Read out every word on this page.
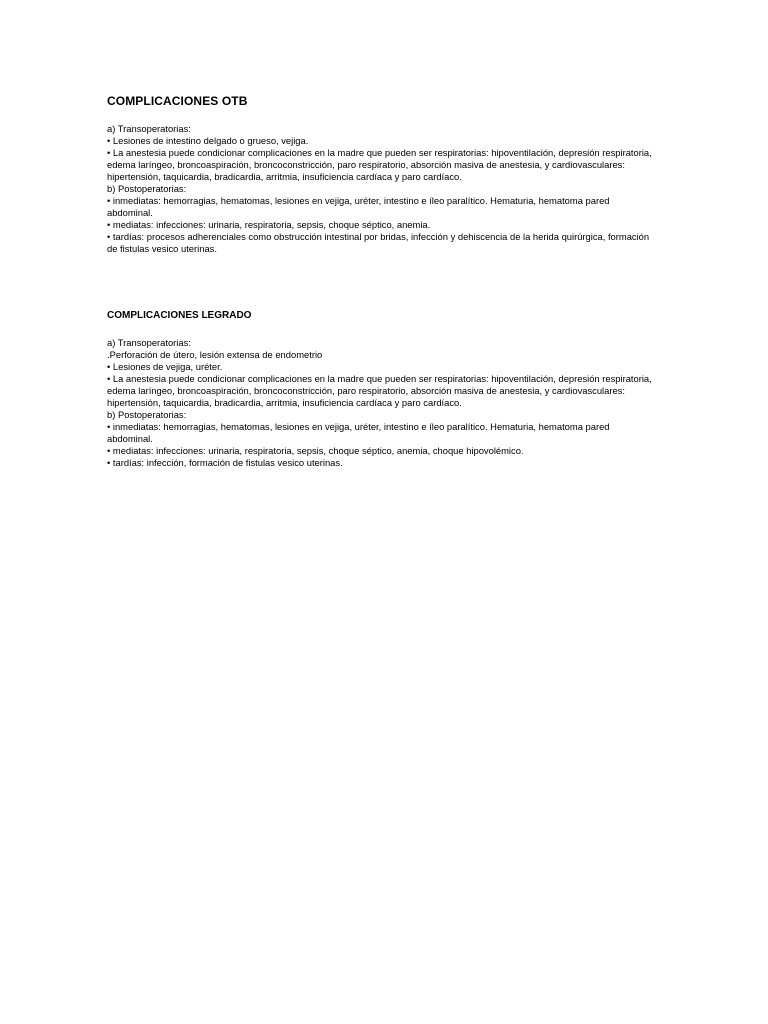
COMPLICACIONES OTB

a) Transoperatorias:

• Lesiones de intestino delgado o grueso, vejiga.

• La anestesia puede condicionar complicaciones en la madre que pueden ser respiratorias: hipoventilación, depresión respiratoria, edema laríngeo, broncoaspiración, broncoconstricción, paro respiratorio, absorción masiva de anestesia, y cardiovasculares: hipertensión, taquicardia, bradicardia, arritmia, insuficiencia cardíaca y paro cardíaco.

b) Postoperatorias:

• inmediatas: hemorragias, hematomas, lesiones en vejiga, uréter, intestino e íleo paralítico. Hematuria, hematoma pared abdominal.

• mediatas: infecciones: urinaria, respiratoria, sepsis, choque séptico, anemia.

• tardías: procesos adherenciales como obstrucción intestinal por bridas, infección y dehiscencia de la herida quirúrgica, formación de fistulas vesico uterinas.

COMPLICACIONES LEGRADO

a) Transoperatorias:

.Perforación de útero, lesión extensa de endometrio

• Lesiones de vejiga, uréter.

• La anestesia puede condicionar complicaciones en la madre que pueden ser respiratorias: hipoventilación, depresión respiratoria, edema laríngeo, broncoaspiración, broncoconstricción, paro respiratorio, absorción masiva de anestesia, y cardiovasculares: hipertensión, taquicardia, bradicardia, arritmia, insuficiencia cardíaca y paro cardíaco.

b) Postoperatorias:

• inmediatas: hemorragias, hematomas, lesiones en vejiga, uréter, intestino e íleo paralítico. Hematuria, hematoma pared abdominal.

• mediatas: infecciones: urinaria, respiratoria, sepsis, choque séptico, anemia, choque hipovolémico.

• tardías: infección, formación de fistulas vesico uterinas.
